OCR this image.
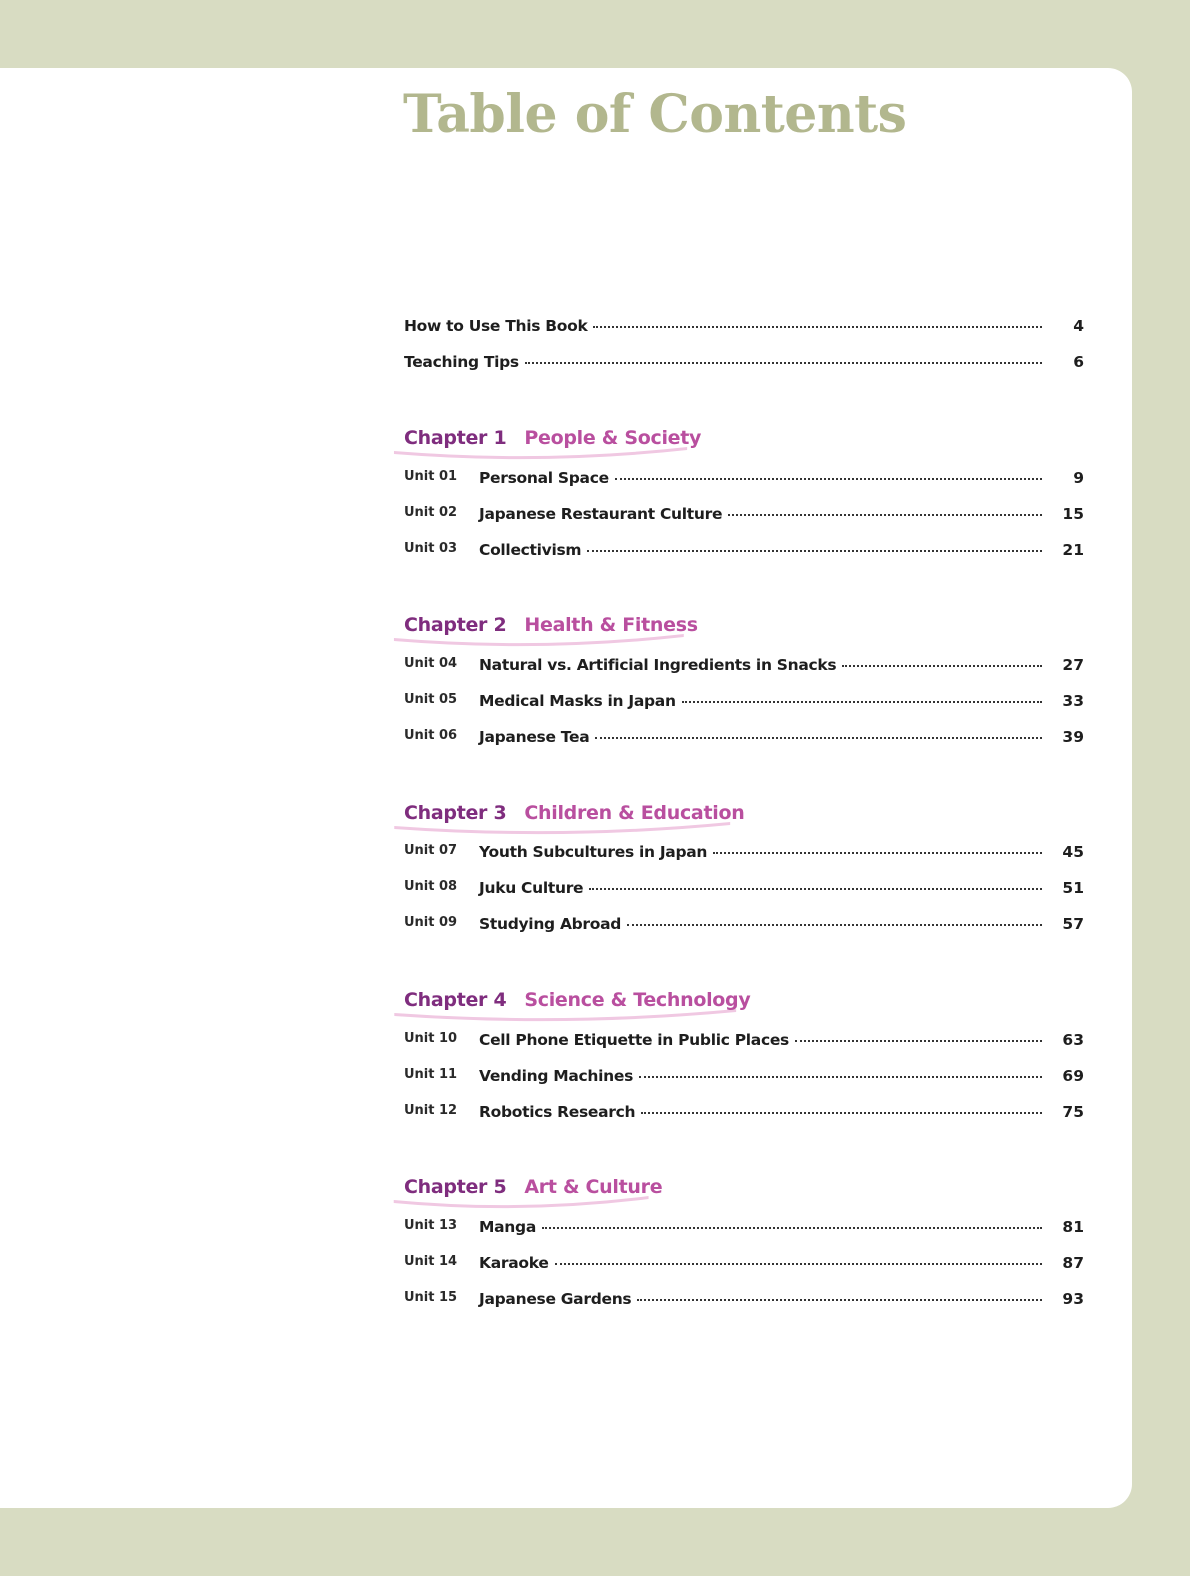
Table of Contents
How to Use This Book	4
Teaching Tips	6
Chapter 1 People & Society
Unit 01	Personal Space	9
Unit 02	Japanese Restaurant Culture	15
Unit 03	Collectivism	21
Chapter 2 Health & Fitness
Unit 04	Natural vs. Artificial Ingredients in Snacks	27
Unit 05	Medical Masks in Japan	33
Unit 06	Japanese Tea	39
Chapter 3 Children & Education
Unit 07	Youth Subcultures in Japan	45
Unit 08	Juku Culture	51
Unit 09	Studying Abroad	57
Chapter 4 Science & Technology
Unit 10	Cell Phone Etiquette in Public Places	63
Unit 11	Vending Machines	69
Unit 12	Robotics Research	75
Chapter 5 Art & Culture
Unit 13	Manga	81
Unit 14	Karaoke	87
Unit 15	Japanese Gardens	93
